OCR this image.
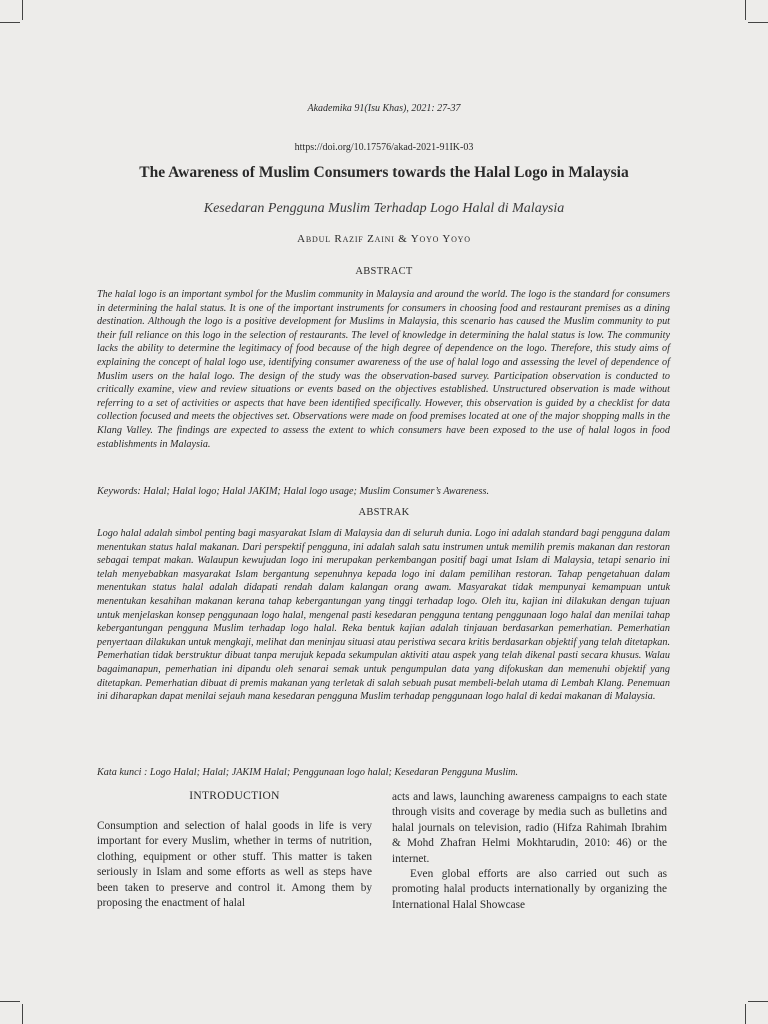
Akademika 91(Isu Khas), 2021: 27-37
https://doi.org/10.17576/akad-2021-91IK-03
The Awareness of Muslim Consumers towards the Halal Logo in Malaysia
Kesedaran Pengguna Muslim Terhadap Logo Halal di Malaysia
Abdul Razif Zaini & Yoyo Yoyo
ABSTRACT
The halal logo is an important symbol for the Muslim community in Malaysia and around the world. The logo is the standard for consumers in determining the halal status. It is one of the important instruments for consumers in choosing food and restaurant premises as a dining destination. Although the logo is a positive development for Muslims in Malaysia, this scenario has caused the Muslim community to put their full reliance on this logo in the selection of restaurants. The level of knowledge in determining the halal status is low. The community lacks the ability to determine the legitimacy of food because of the high degree of dependence on the logo. Therefore, this study aims of explaining the concept of halal logo use, identifying consumer awareness of the use of halal logo and assessing the level of dependence of Muslim users on the halal logo. The design of the study was the observation-based survey. Participation observation is conducted to critically examine, view and review situations or events based on the objectives established. Unstructured observation is made without referring to a set of activities or aspects that have been identified specifically. However, this observation is guided by a checklist for data collection focused and meets the objectives set. Observations were made on food premises located at one of the major shopping malls in the Klang Valley. The findings are expected to assess the extent to which consumers have been exposed to the use of halal logos in food establishments in Malaysia.
Keywords: Halal; Halal logo; Halal JAKIM; Halal logo usage; Muslim Consumer’s Awareness.
ABSTRAK
Logo halal adalah simbol penting bagi masyarakat Islam di Malaysia dan di seluruh dunia. Logo ini adalah standard bagi pengguna dalam menentukan status halal makanan. Dari perspektif pengguna, ini adalah salah satu instrumen untuk memilih premis makanan dan restoran sebagai tempat makan. Walaupun kewujudan logo ini merupakan perkembangan positif bagi umat Islam di Malaysia, tetapi senario ini telah menyebabkan masyarakat Islam bergantung sepenuhnya kepada logo ini dalam pemilihan restoran. Tahap pengetahuan dalam menentukan status halal adalah didapati rendah dalam kalangan orang awam. Masyarakat tidak mempunyai kemampuan untuk menentukan kesahihan makanan kerana tahap kebergantungan yang tinggi terhadap logo. Oleh itu, kajian ini dilakukan dengan tujuan untuk menjelaskan konsep penggunaan logo halal, mengenal pasti kesedaran pengguna tentang penggunaan logo halal dan menilai tahap kebergantungan pengguna Muslim terhadap logo halal. Reka bentuk kajian adalah tinjauan berdasarkan pemerhatian. Pemerhatian penyertaan dilakukan untuk mengkaji, melihat dan meninjau situasi atau peristiwa secara kritis berdasarkan objektif yang telah ditetapkan. Pemerhatian tidak berstruktur dibuat tanpa merujuk kepada sekumpulan aktiviti atau aspek yang telah dikenal pasti secara khusus. Walau bagaimanapun, pemerhatian ini dipandu oleh senarai semak untuk pengumpulan data yang difokuskan dan memenuhi objektif yang ditetapkan. Pemerhatian dibuat di premis makanan yang terletak di salah sebuah pusat membeli-belah utama di Lembah Klang. Penemuan ini diharapkan dapat menilai sejauh mana kesedaran pengguna Muslim terhadap penggunaan logo halal di kedai makanan di Malaysia.
Kata kunci : Logo Halal; Halal; JAKIM Halal; Penggunaan logo halal; Kesedaran Pengguna Muslim.
INTRODUCTION

Consumption and selection of halal goods in life is very important for every Muslim, whether in terms of nutrition, clothing, equipment or other stuff. This matter is taken seriously in Islam and some efforts as well as steps have been taken to preserve and control it. Among them by proposing the enactment of halal

acts and laws, launching awareness campaigns to each state through visits and coverage by media such as bulletins and halal journals on television, radio (Hifza Rahimah Ibrahim & Mohd Zhafran Helmi Mokhtarudin, 2010: 46) or the internet.

Even global efforts are also carried out such as promoting halal products internationally by organizing the International Halal Showcase
